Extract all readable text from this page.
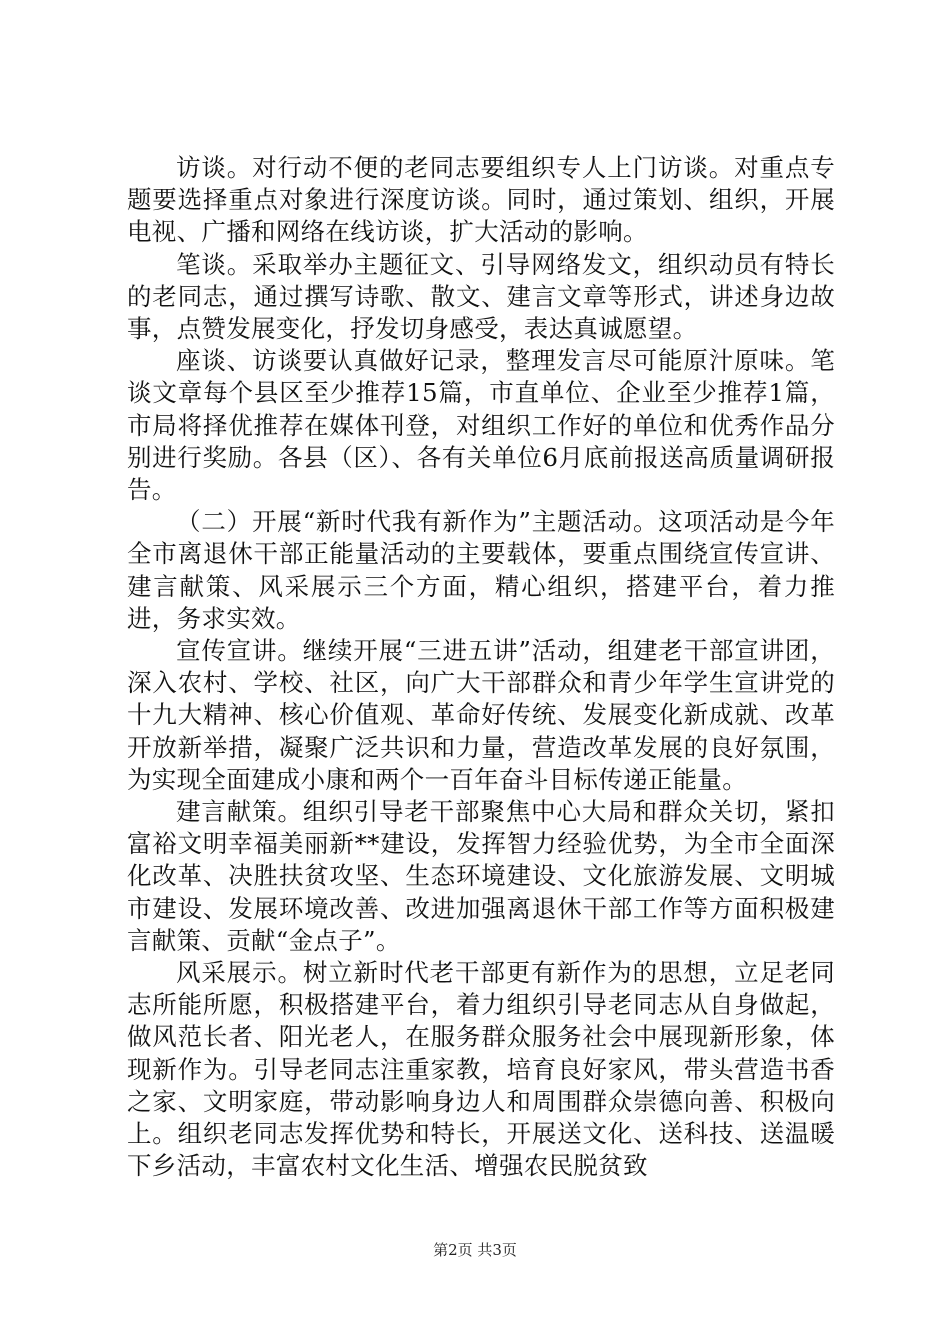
访谈。对行动不便的老同志要组织专人上门访谈。对重点专题要选择重点对象进行深度访谈。同时，通过策划、组织，开展电视、广播和网络在线访谈，扩大活动的影响。

笔谈。采取举办主题征文、引导网络发文，组织动员有特长的老同志，通过撰写诗歌、散文、建言文章等形式，讲述身边故事，点赞发展变化，抒发切身感受，表达真诚愿望。

座谈、访谈要认真做好记录，整理发言尽可能原汁原味。笔谈文章每个县区至少推荐15篇，市直单位、企业至少推荐1篇，市局将择优推荐在媒体刊登，对组织工作好的单位和优秀作品分别进行奖励。各县（区）、各有关单位6月底前报送高质量调研报告。

（二）开展“新时代我有新作为”主题活动。这项活动是今年全市离退休干部正能量活动的主要载体，要重点围绕宣传宣讲、建言献策、风采展示三个方面，精心组织，搭建平台，着力推进，务求实效。

宣传宣讲。继续开展“三进五讲”活动，组建老干部宣讲团，深入农村、学校、社区，向广大干部群众和青少年学生宣讲党的十九大精神、核心价值观、革命好传统、发展变化新成就、改革开放新举措，凝聚广泛共识和力量，营造改革发展的良好氛围，为实现全面建成小康和两个一百年奋斗目标传递正能量。

建言献策。组织引导老干部聚焦中心大局和群众关切，紧扣富裕文明幸福美丽新**建设，发挥智力经验优势，为全市全面深化改革、决胜扶贫攻坚、生态环境建设、文化旅游发展、文明城市建设、发展环境改善、改进加强离退休干部工作等方面积极建言献策、贡献“金点子”。

风采展示。树立新时代老干部更有新作为的思想，立足老同志所能所愿，积极搭建平台，着力组织引导老同志从自身做起，做风范长者、阳光老人，在服务群众服务社会中展现新形象，体现新作为。引导老同志注重家教，培育良好家风，带头营造书香之家、文明家庭，带动影响身边人和周围群众崇德向善、积极向上。组织老同志发挥优势和特长，开展送文化、送科技、送温暖下乡活动，丰富农村文化生活、增强农民脱贫致

第2页 共3页
